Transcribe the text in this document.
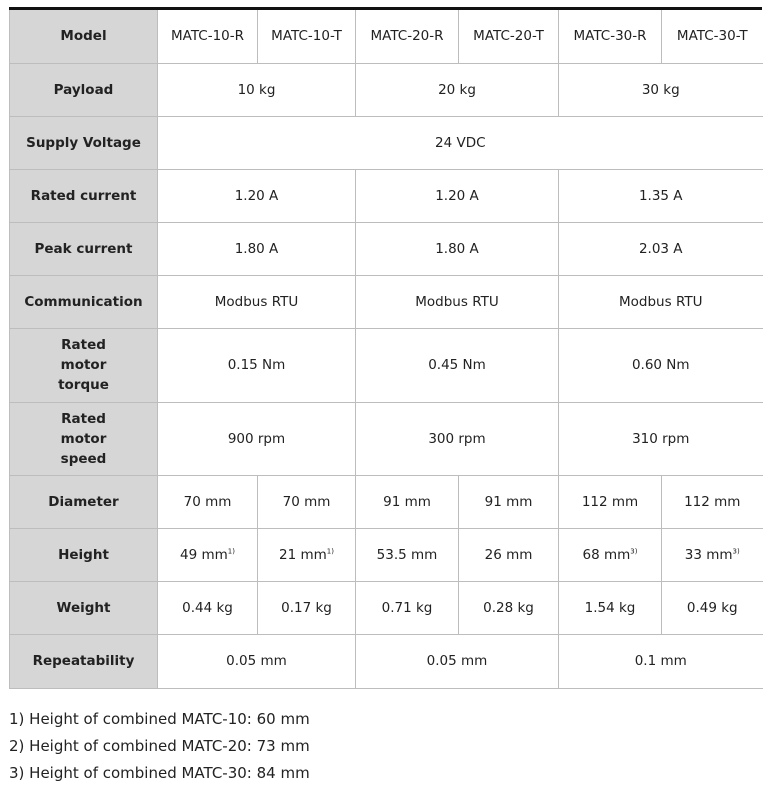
Model	MATC-10-R	MATC-10-T	MATC-20-R	MATC-20-T	MATC-30-R	MATC-30-T
Payload	10 kg		20 kg		30 kg	
Supply Voltage	24 VDC					
Rated current	1.20 A		1.20 A		1.35 A	
Peak current	1.80 A		1.80 A		2.03 A	
Communication	Modbus RTU		Modbus RTU		Modbus RTU	
Rated motor torque	0.15 Nm		0.45 Nm		0.60 Nm	
Rated motor speed	900 rpm		300 rpm		310 rpm	
Diameter	70 mm	70 mm	91 mm	91 mm	112 mm	112 mm
Height	49 $mm^{1)}$	21 $mm^{1)}$	53.5 mm	26 mm	68 $mm^{3)}$	33 $mm^{3)}$
Weight	0.44 kg	0.17 kg	0.71 kg	0.28 kg	1.54 kg	0.49 kg
Repeatability	0.05 mm		0.05 mm		0.1 mm	
1) Height of combined MATC-10: 60 mm
2) Height of combined MATC-20: 73 mm
3) Height of combined MATC-30: 84 mm
